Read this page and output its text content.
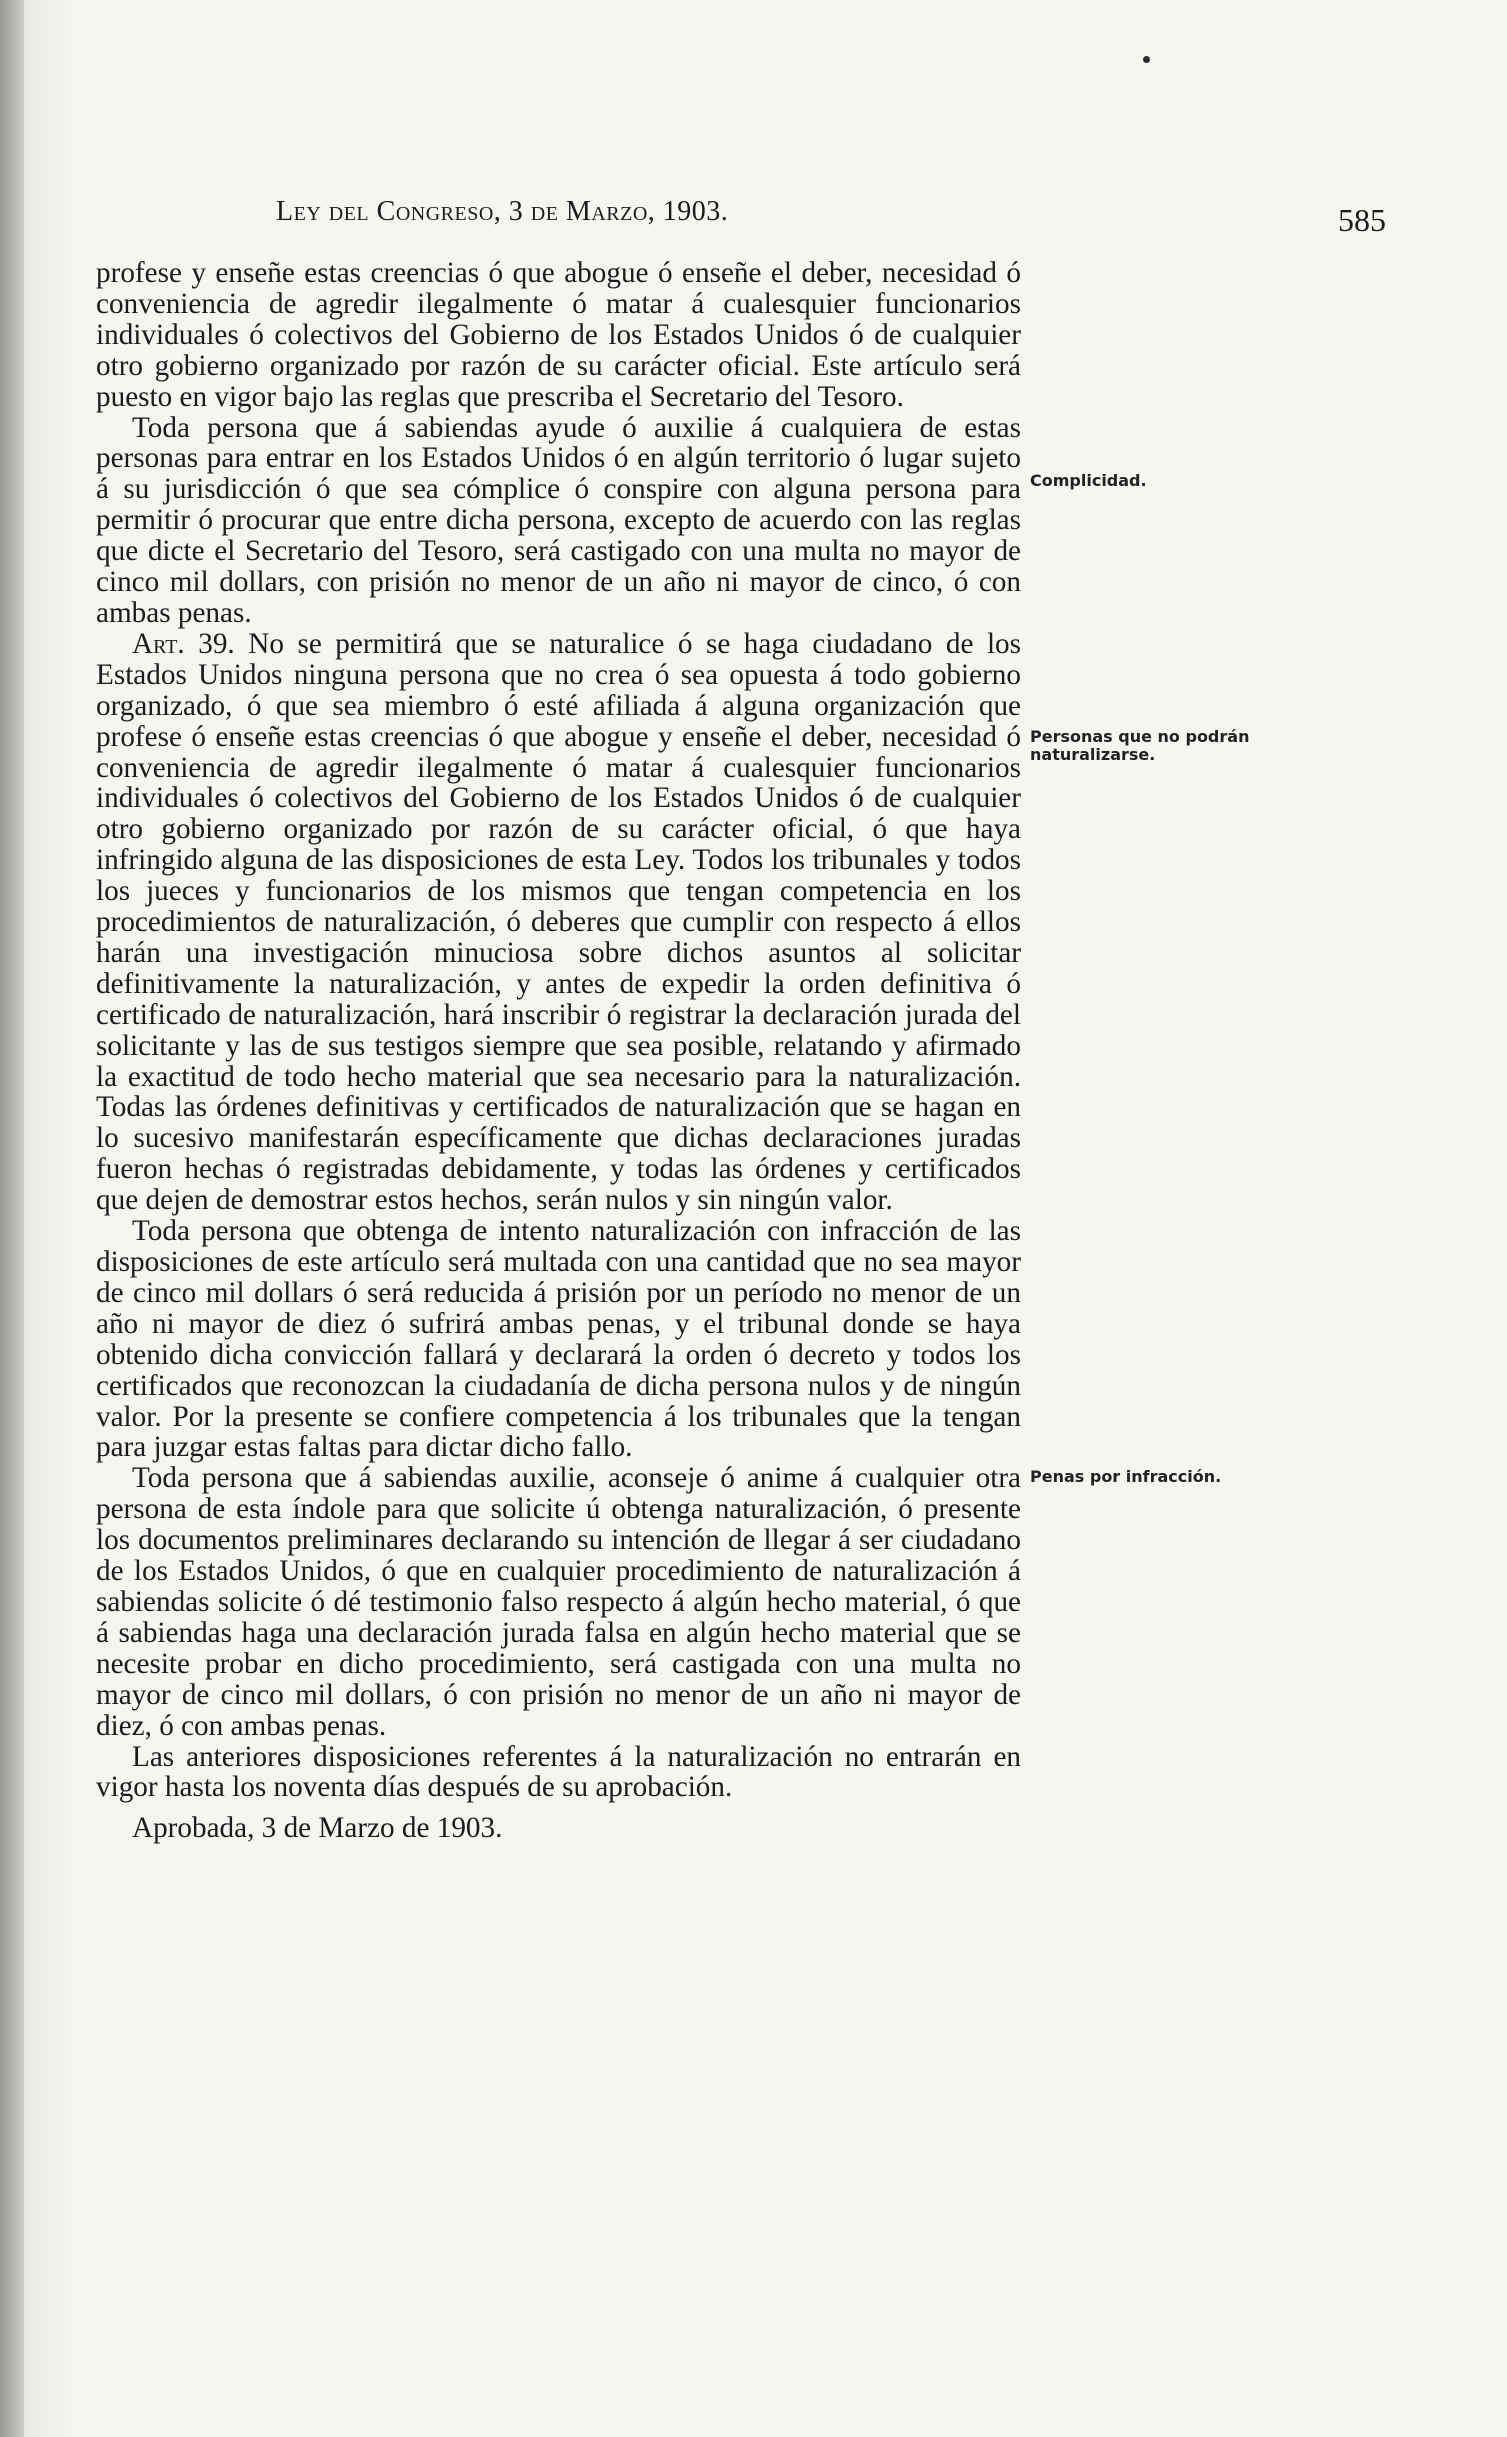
Ley del Congreso, 3 de Marzo, 1903.	585

profese y enseñe estas creencias ó que abogue ó enseñe el deber, necesidad ó conveniencia de agredir ilegalmente ó matar á cualesquier funcionarios individuales ó colectivos del Gobierno de los Estados Unidos ó de cualquier otro gobierno organizado por razón de su carácter oficial. Este artículo será puesto en vigor bajo las reglas que prescriba el Secretario del Tesoro.

Toda persona que á sabiendas ayude ó auxilie á cualquiera de estas personas para entrar en los Estados Unidos ó en algún territorio ó lugar sujeto á su jurisdicción ó que sea cómplice ó conspire con alguna persona para permitir ó procurar que entre dicha persona, excepto de acuerdo con las reglas que dicte el Secretario del Tesoro, será castigado con una multa no mayor de cinco mil dollars, con prisión no menor de un año ni mayor de cinco, ó con ambas penas.

Art. 39. No se permitirá que se naturalice ó se haga ciudadano de los Estados Unidos ninguna persona que no crea ó sea opuesta á todo gobierno organizado, ó que sea miembro ó esté afiliada á alguna organización que profese ó enseñe estas creencias ó que abogue y enseñe el deber, necesidad ó conveniencia de agredir ilegalmente ó matar á cualesquier funcionarios individuales ó colectivos del Gobierno de los Estados Unidos ó de cualquier otro gobierno organizado por razón de su carácter oficial, ó que haya infringido alguna de las disposiciones de esta Ley. Todos los tribunales y todos los jueces y funcionarios de los mismos que tengan competencia en los procedimientos de naturalización, ó deberes que cumplir con respecto á ellos harán una investigación minuciosa sobre dichos asuntos al solicitar definitivamente la naturalización, y antes de expedir la orden definitiva ó certificado de naturalización, hará inscribir ó registrar la declaración jurada del solicitante y las de sus testigos siempre que sea posible, relatando y afirmado la exactitud de todo hecho material que sea necesario para la naturalización. Todas las órdenes definitivas y certificados de naturalización que se hagan en lo sucesivo manifestarán específicamente que dichas declaraciones juradas fueron hechas ó registradas debidamente, y todas las órdenes y certificados que dejen de demostrar estos hechos, serán nulos y sin ningún valor.

Toda persona que obtenga de intento naturalización con infracción de las disposiciones de este artículo será multada con una cantidad que no sea mayor de cinco mil dollars ó será reducida á prisión por un período no menor de un año ni mayor de diez ó sufrirá ambas penas, y el tribunal donde se haya obtenido dicha convicción fallará y declarará la orden ó decreto y todos los certificados que reconozcan la ciudadanía de dicha persona nulos y de ningún valor. Por la presente se confiere competencia á los tribunales que la tengan para juzgar estas faltas para dictar dicho fallo.

Toda persona que á sabiendas auxilie, aconseje ó anime á cualquier otra persona de esta índole para que solicite ú obtenga naturalización, ó presente los documentos preliminares declarando su intención de llegar á ser ciudadano de los Estados Unidos, ó que en cualquier procedimiento de naturalización á sabiendas solicite ó dé testimonio falso respecto á algún hecho material, ó que á sabiendas haga una declaración jurada falsa en algún hecho material que se necesite probar en dicho procedimiento, será castigada con una multa no mayor de cinco mil dollars, ó con prisión no menor de un año ni mayor de diez, ó con ambas penas.

Las anteriores disposiciones referentes á la naturalización no entrarán en vigor hasta los noventa días después de su aprobación.

Aprobada, 3 de Marzo de 1903.

Complicidad.
Personas que no podrán naturalizarse.
Penas por infracción.
